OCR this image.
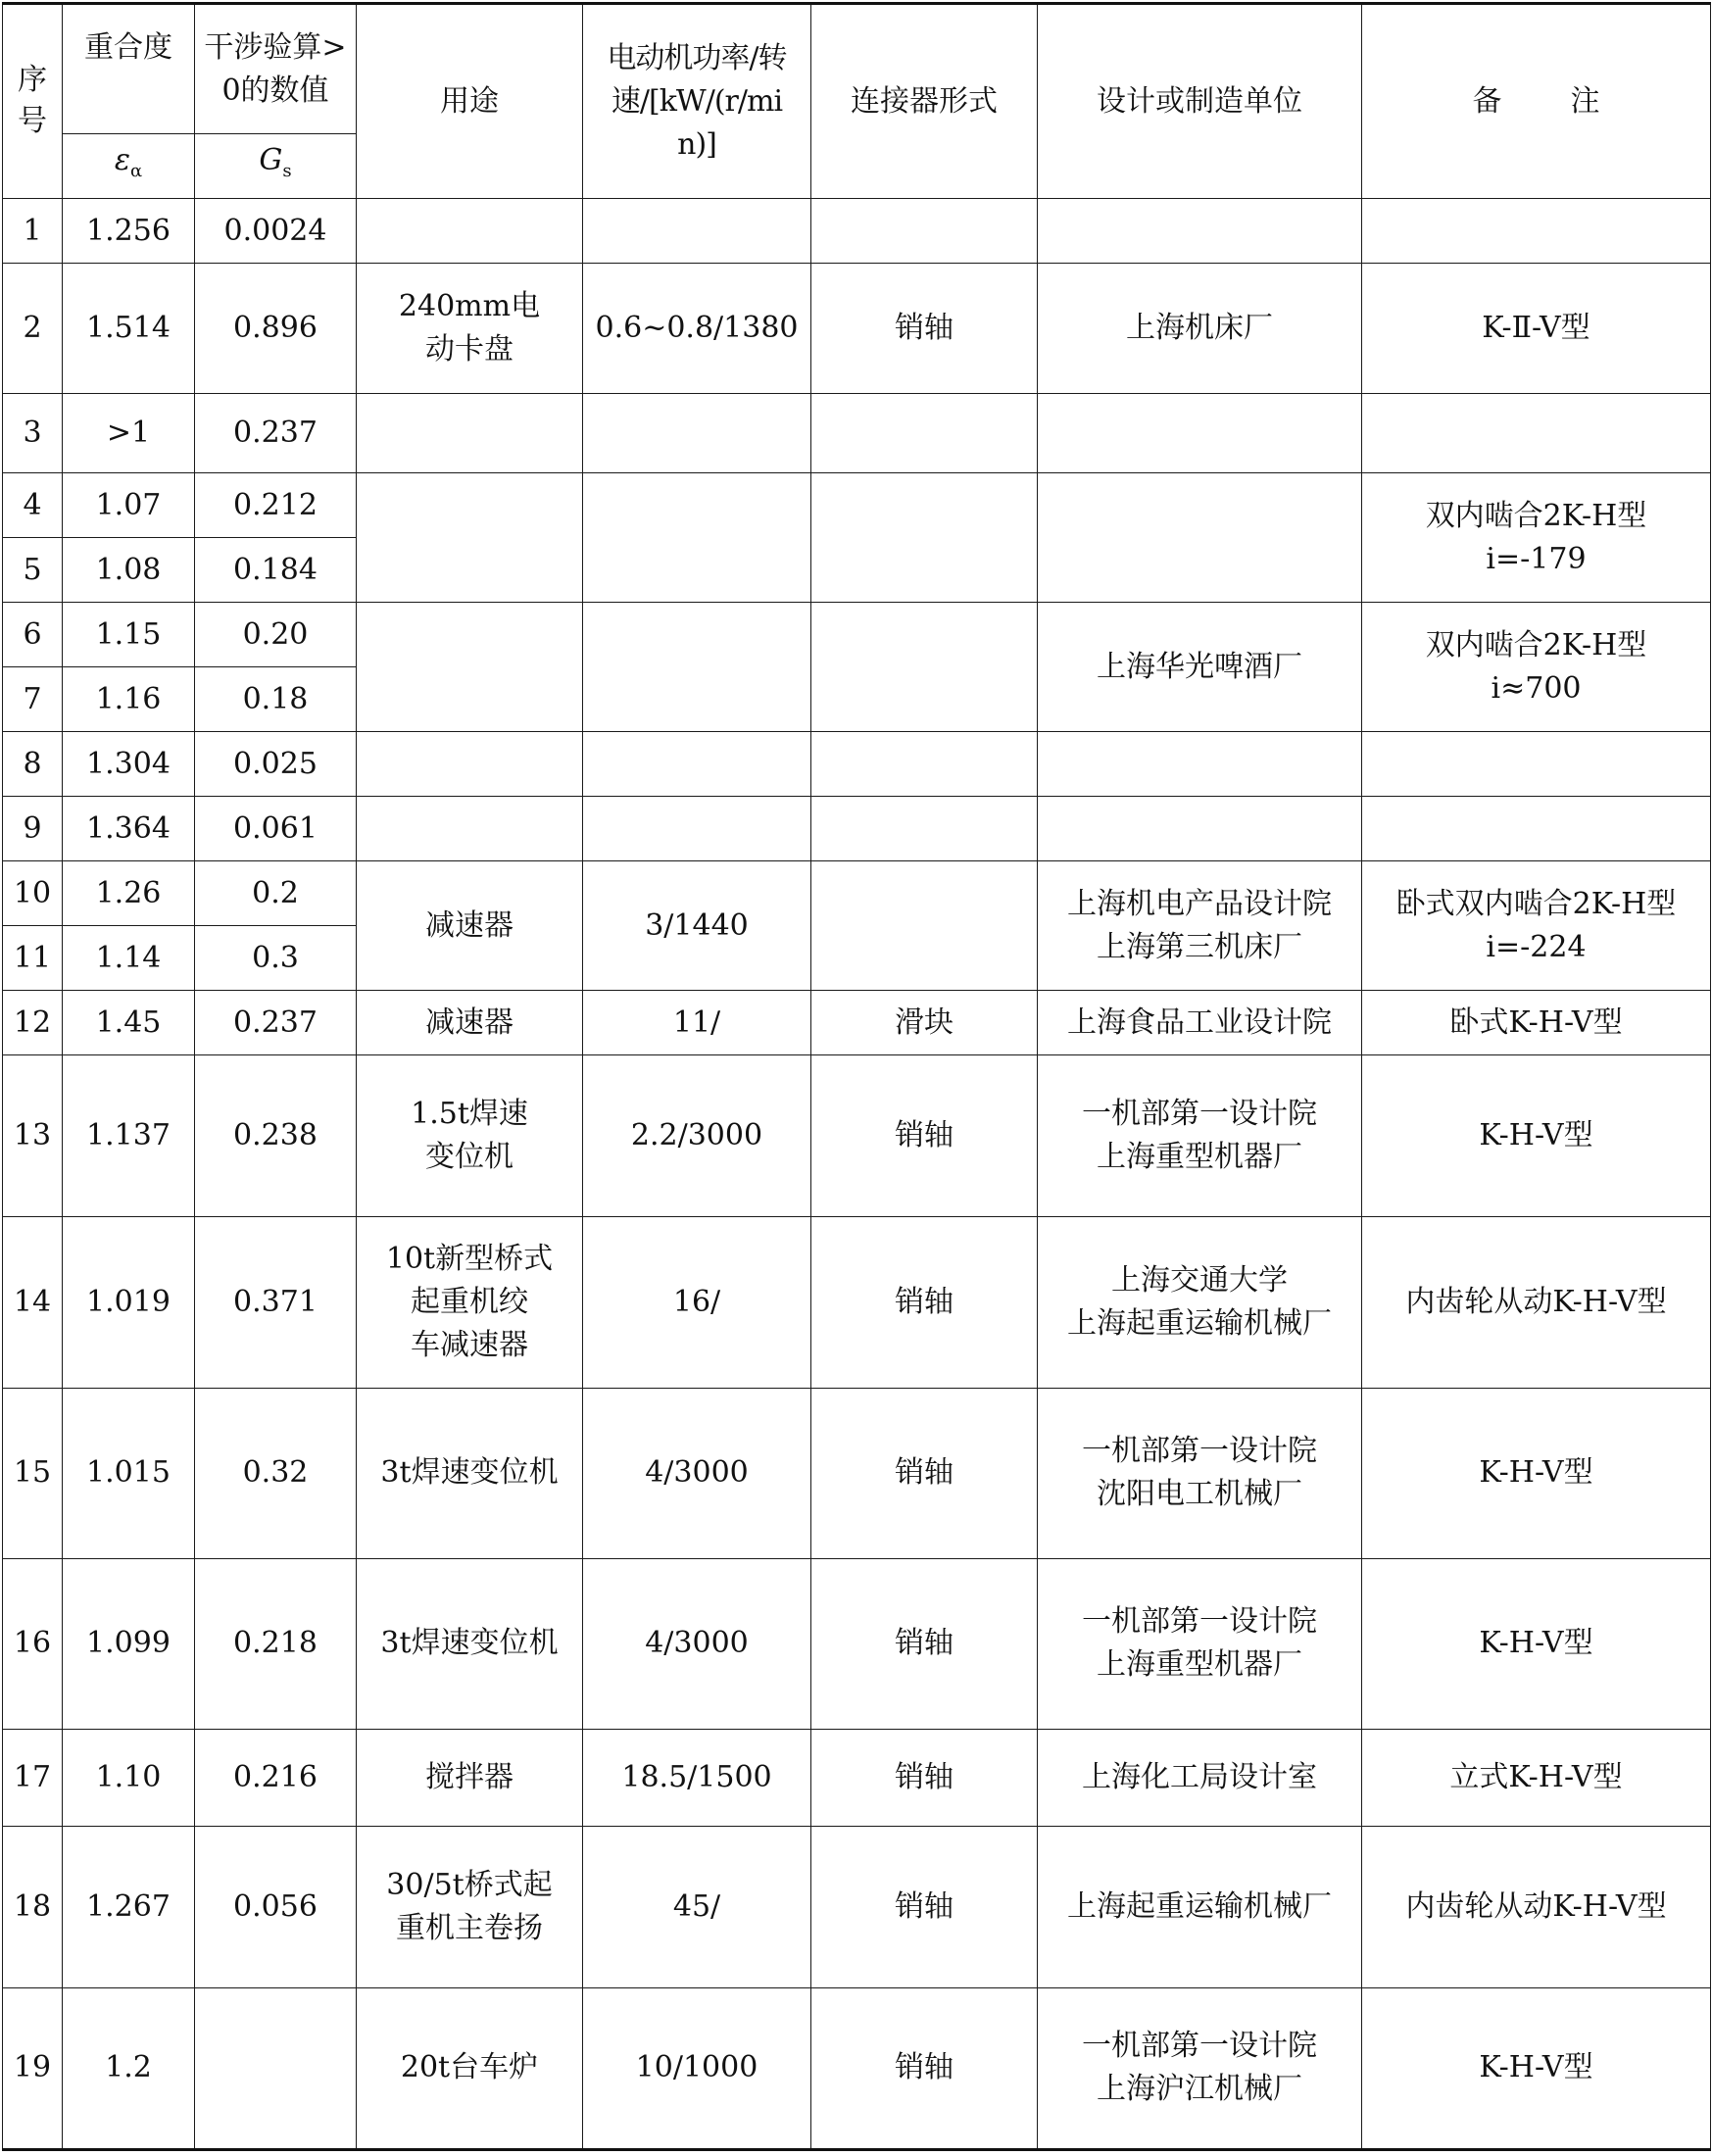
序号	重合度	干涉验算>0的数值	用途	电动机功率/转速/[kW/(r/min)]	连接器形式	设计或制造单位	备 注

	$\varepsilon_\alpha$	$G_s$

1	1.256	0.0024					
2	1.514	0.896	240mm电
动卡盘	0.6~0.8/1380	销轴	上海机床厂	K-Ⅱ-V型

3	>1	0.237					
4	1.07	0.212					双内啮合2K-H型
i=-179

5	1.08	0.184					
6	1.15	0.20				上海华光啤酒厂	双内啮合2K-H型
i≈700

7	1.16	0.18					
8	1.304	0.025					
9	1.364	0.061					
10	1.26	0.2	减速器	3/1440		上海机电产品设计院
上海第三机床厂	卧式双内啮合2K-H型
i=-224

11	1.14	0.3					
12	1.45	0.237	减速器	11/	滑块	上海食品工业设计院	卧式K-H-V型

13	1.137	0.238	1.5t焊速
变位机	2.2/3000	销轴	一机部第一设计院
上海重型机器厂	K-H-V型

14	1.019	0.371	10t新型桥式
起重机绞
车减速器	16/	销轴	上海交通大学
上海起重运输机械厂	内齿轮从动K-H-V型

15	1.015	0.32	3t焊速变位机	4/3000	销轴	一机部第一设计院
沈阳电工机械厂	K-H-V型

16	1.099	0.218	3t焊速变位机	4/3000	销轴	一机部第一设计院
上海重型机器厂	K-H-V型

17	1.10	0.216	搅拌器	18.5/1500	销轴	上海化工局设计室	立式K-H-V型

18	1.267	0.056	30/5t桥式起
重机主卷扬	45/	销轴	上海起重运输机械厂	内齿轮从动K-H-V型

19	1.2		20t台车炉	10/1000	销轴	一机部第一设计院
上海沪江机械厂	K-H-V型
